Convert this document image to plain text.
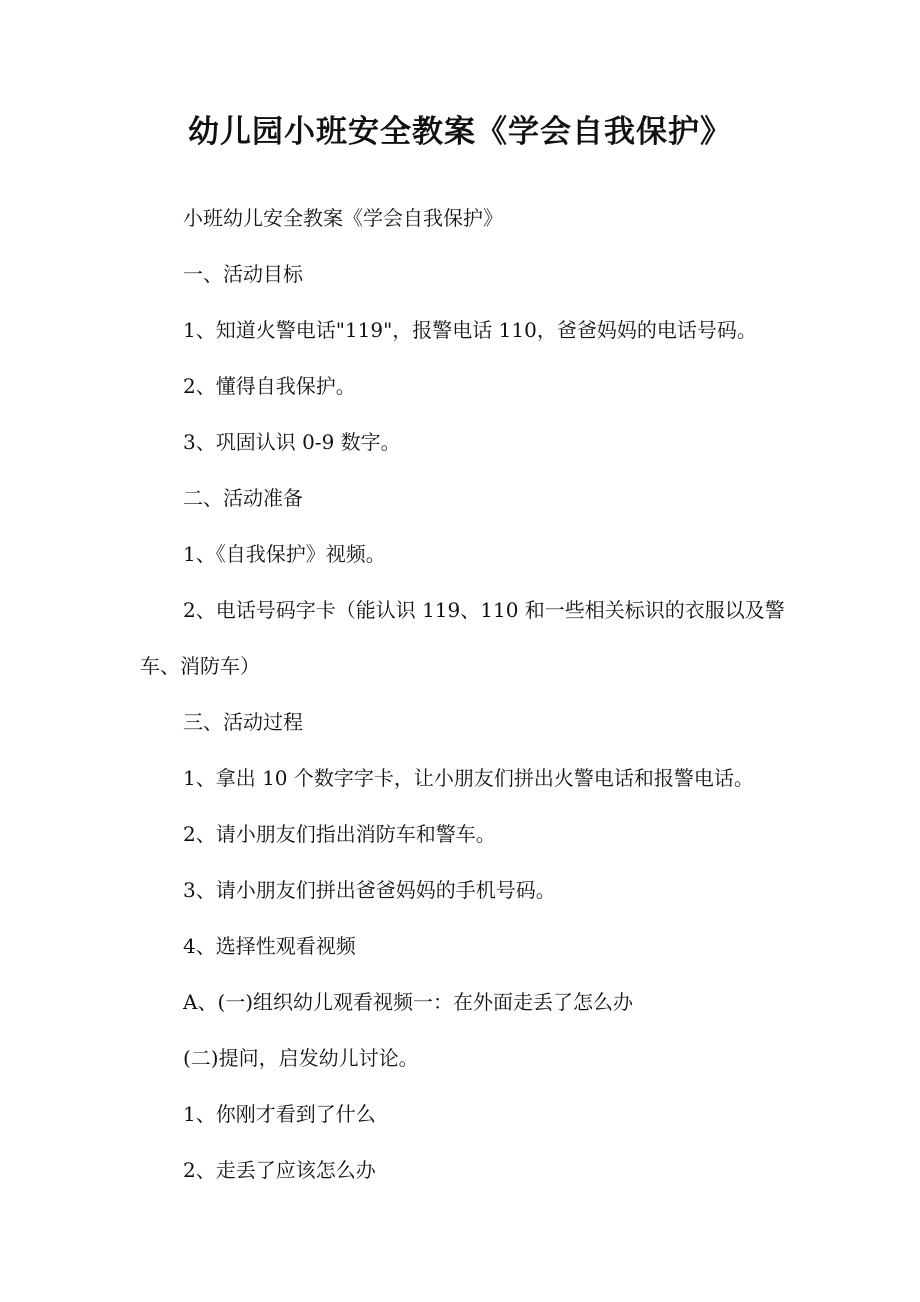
幼儿园小班安全教案《学会自我保护》

小班幼儿安全教案《学会自我保护》

一、活动目标

1、知道火警电话"119"，报警电话 110，爸爸妈妈的电话号码。

2、懂得自我保护。

3、巩固认识 0-9 数字。

二、活动准备

1、《自我保护》视频。

2、电话号码字卡（能认识 119、110 和一些相关标识的衣服以及警车、消防车）

三、活动过程

1、拿出 10 个数字字卡，让小朋友们拼出火警电话和报警电话。

2、请小朋友们指出消防车和警车。

3、请小朋友们拼出爸爸妈妈的手机号码。

4、选择性观看视频

A、(一)组织幼儿观看视频一：在外面走丢了怎么办

(二)提问，启发幼儿讨论。

1、你刚才看到了什么

2、走丢了应该怎么办
